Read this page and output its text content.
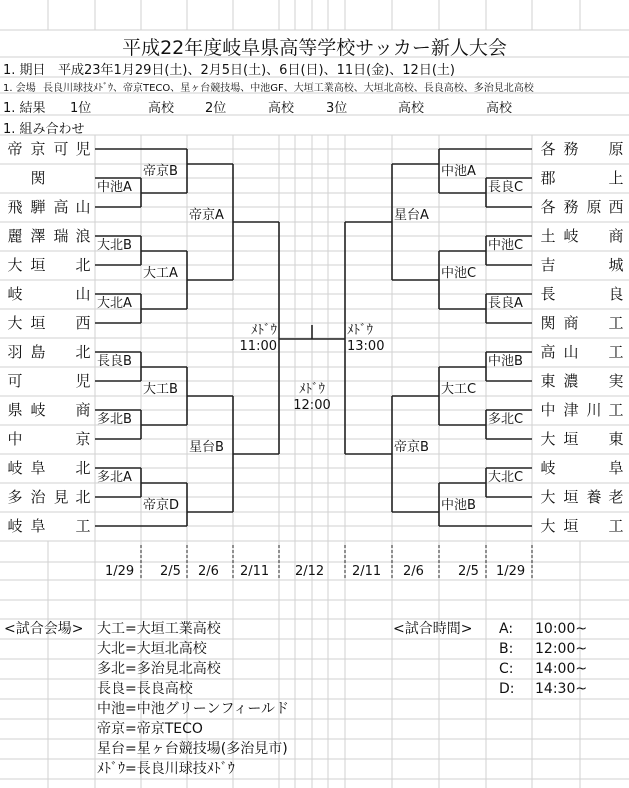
平成22年度岐阜県高等学校サッカー新人大会
1. 期日 平成23年1月29日(土)、2月5日(土)、6日(日)、11日(金)、12日(土)
1. 会場 長良川球技ﾒﾄﾞｳ、帝京TECO、星ヶ台競技場、中池GF、大垣工業高校、大垣北高校、長良高校、多治見北高校
1. 結果 1位	高校 2位	高校 3位	高校	高校
1. 組み合わせ
帝 京 可 児
関
飛 騨 高 山
麗 澤 瑞 浪
大 垣 北
岐	山
大 垣 西
羽 島 北
可	児
県 岐 商
中	京
岐 阜 北
多 治 見 北
岐 阜 工
各 務 原
郡	上
各 務 原 西
土 岐 商
吉	城
長	良
関 商 工
高 山 工
東 濃 実
中 津 川 工
大 垣 東
岐	阜
大 垣 養 老
大 垣 工
中池A
大北B
大北A
長良B
多北B
多北A
帝京B
大工A
大工B
帝京D
帝京A
星台B
ﾒﾄﾞｳ
11:00
ﾒﾄﾞｳ
12:00
ﾒﾄﾞｳ
13:00
星台A
帝京B
中池A
中池C
大工C
中池B
長良C
中池C
長良A
中池B
多北C
大北C
1/29 2/5 2/6 2/11 2/12 2/11 2/6	2/5 1/29
<試合会場> 大工=大垣工業高校
大北=大垣北高校
多北=多治見北高校
長良=長良高校
中池=中池グリーンフィールド
帝京=帝京TECO
星台=星ヶ台競技場(多治見市)
ﾒﾄﾞｳ=長良川球技ﾒﾄﾞｳ
<試合時間> A: 10:00~
B: 12:00~
C: 14:00~
D: 14:30~
